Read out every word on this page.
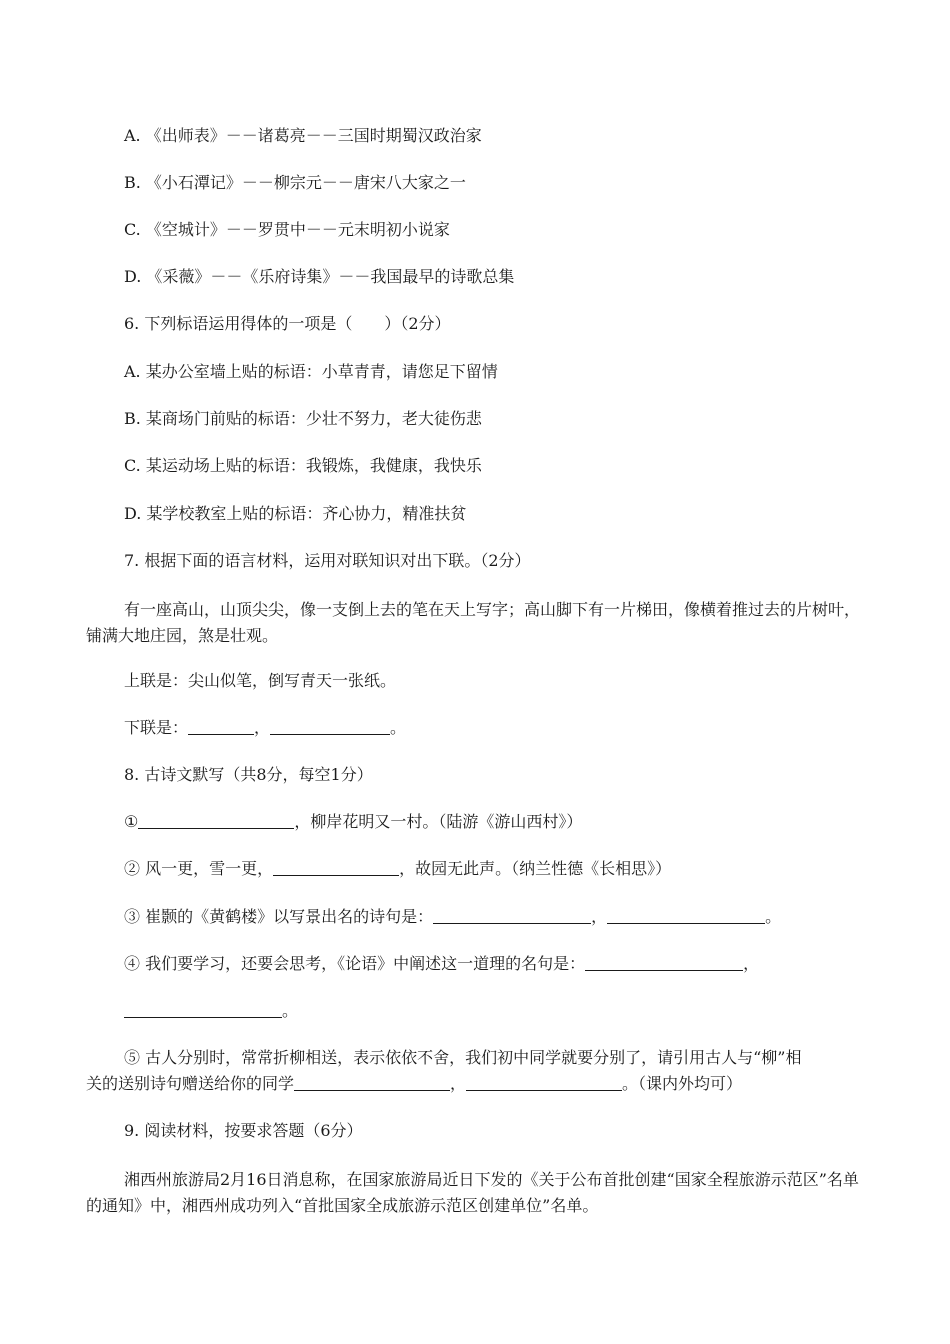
A. 《出师表》－－诸葛亮－－三国时期蜀汉政治家
B. 《小石潭记》－－柳宗元－－唐宋八大家之一
C. 《空城计》－－罗贯中－－元末明初小说家
D. 《采薇》－－《乐府诗集》－－我国最早的诗歌总集
6. 下列标语运用得体的一项是（　　）（2分）
A. 某办公室墙上贴的标语：小草青青，请您足下留情
B. 某商场门前贴的标语：少壮不努力，老大徒伤悲
C. 某运动场上贴的标语：我锻炼，我健康，我快乐
D. 某学校教室上贴的标语：齐心协力，精准扶贫
7. 根据下面的语言材料，运用对联知识对出下联。（2分）
有一座高山，山顶尖尖，像一支倒上去的笔在天上写字；高山脚下有一片梯田，像横着推过去的片树叶，铺满大地庄园，煞是壮观。
上联是：尖山似笔，倒写青天一张纸。
下联是：	，	。
8. 古诗文默写（共8分，每空1分）
①	，柳岸花明又一村。（陆游《游山西村》）
② 风一更，雪一更，	，故园无此声。（纳兰性德《长相思》）
③ 崔颢的《黄鹤楼》以写景出名的诗句是：	，	。
④ 我们要学习，还要会思考，《论语》中阐述这一道理的名句是：	，
。
⑤ 古人分别时，常常折柳相送，表示依依不舍，我们初中同学就要分别了，请引用古人与“柳”相
关的送别诗句赠送给你的同学	，	。（课内外均可）
9. 阅读材料，按要求答题（6分）
湘西州旅游局2月16日消息称，在国家旅游局近日下发的《关于公布首批创建“国家全程旅游示范区”名单的通知》中，湘西州成功列入“首批国家全成旅游示范区创建单位”名单。
